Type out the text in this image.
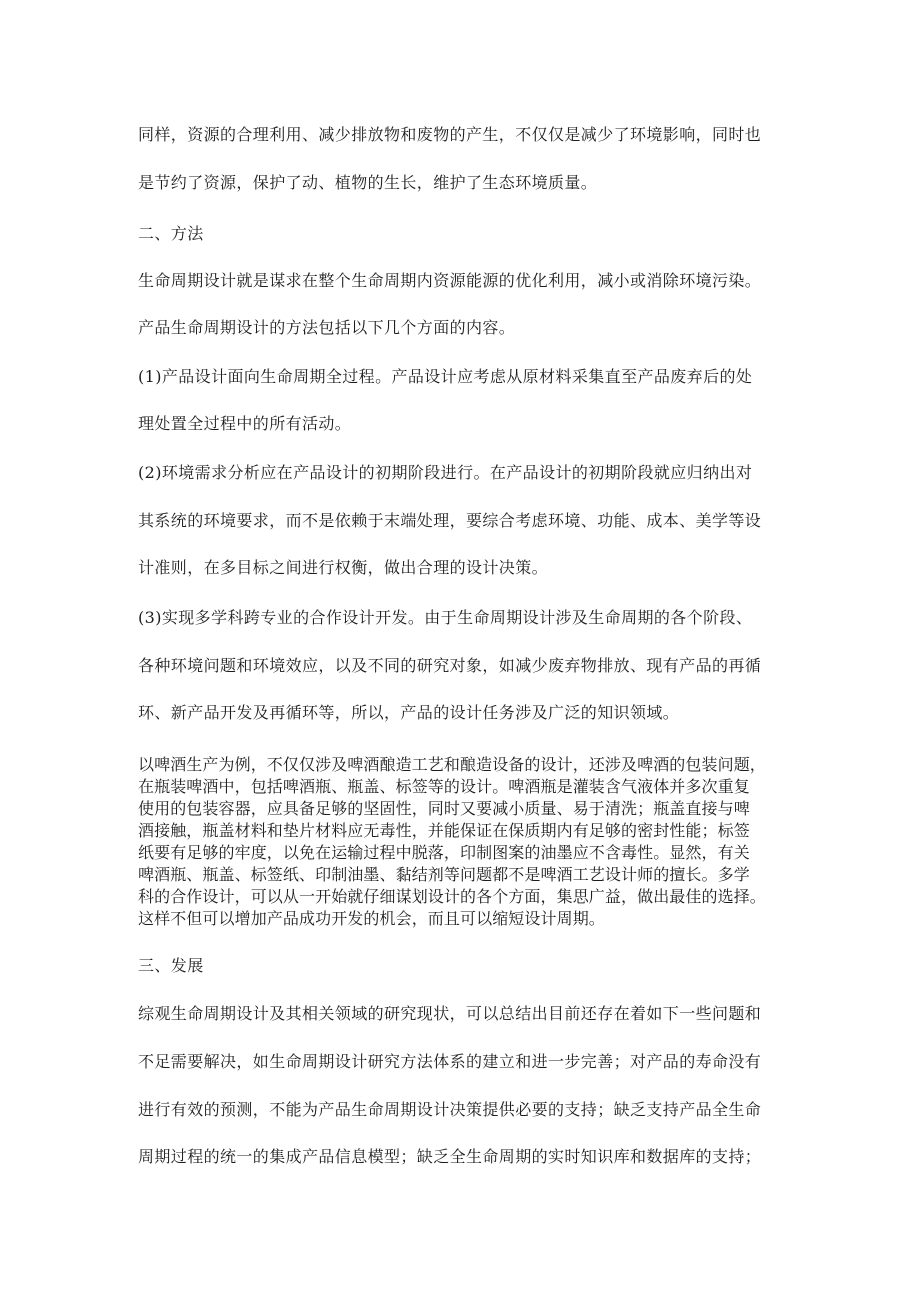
同样，资源的合理利用、减少排放物和废物的产生，不仅仅是减少了环境影响，同时也
是节约了资源，保护了动、植物的生长，维护了生态环境质量。
二、方法
生命周期设计就是谋求在整个生命周期内资源能源的优化利用，减小或消除环境污染。
产品生命周期设计的方法包括以下几个方面的内容。
(1)产品设计面向生命周期全过程。产品设计应考虑从原材料采集直至产品废弃后的处
理处置全过程中的所有活动。
(2)环境需求分析应在产品设计的初期阶段进行。在产品设计的初期阶段就应归纳出对
其系统的环境要求，而不是依赖于末端处理，要综合考虑环境、功能、成本、美学等设
计准则，在多目标之间进行权衡，做出合理的设计决策。
(3)实现多学科跨专业的合作设计开发。由于生命周期设计涉及生命周期的各个阶段、
各种环境问题和环境效应，以及不同的研究对象，如减少废弃物排放、现有产品的再循
环、新产品开发及再循环等，所以，产品的设计任务涉及广泛的知识领域。
以啤酒生产为例，不仅仅涉及啤酒酿造工艺和酿造设备的设计，还涉及啤酒的包装问题，
在瓶装啤酒中，包括啤酒瓶、瓶盖、标签等的设计。啤酒瓶是灌装含气液体并多次重复
使用的包装容器，应具备足够的坚固性，同时又要减小质量、易于清洗；瓶盖直接与啤
酒接触，瓶盖材料和垫片材料应无毒性，并能保证在保质期内有足够的密封性能；标签
纸要有足够的牢度，以免在运输过程中脱落，印制图案的油墨应不含毒性。显然，有关
啤酒瓶、瓶盖、标签纸、印制油墨、黏结剂等问题都不是啤酒工艺设计师的擅长。多学
科的合作设计，可以从一开始就仔细谋划设计的各个方面，集思广益，做出最佳的选择。
这样不但可以增加产品成功开发的机会，而且可以缩短设计周期。
三、发展
综观生命周期设计及其相关领域的研究现状，可以总结出目前还存在着如下一些问题和
不足需要解决，如生命周期设计研究方法体系的建立和进一步完善；对产品的寿命没有
进行有效的预测，不能为产品生命周期设计决策提供必要的支持；缺乏支持产品全生命
周期过程的统一的集成产品信息模型；缺乏全生命周期的实时知识库和数据库的支持；
